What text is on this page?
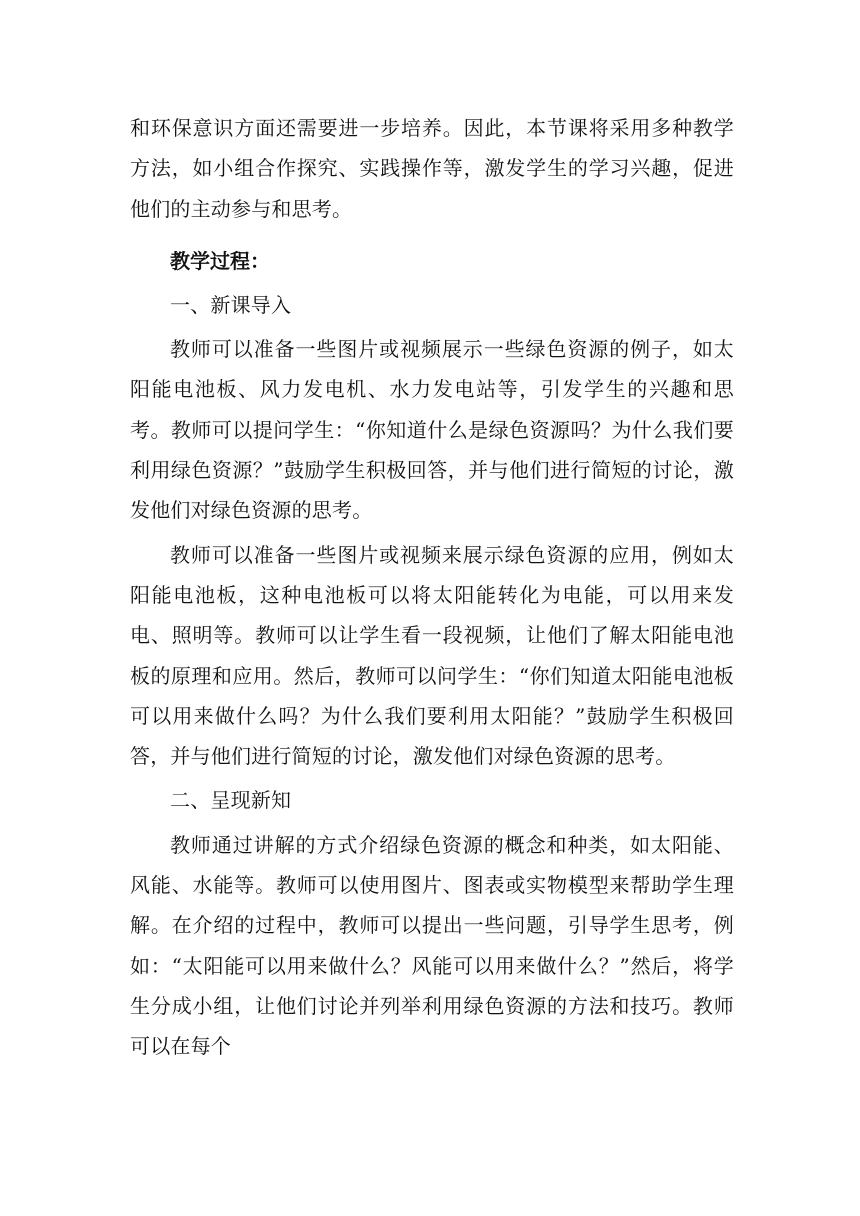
和环保意识方面还需要进一步培养。因此，本节课将采用多种教学方法，如小组合作探究、实践操作等，激发学生的学习兴趣，促进他们的主动参与和思考。

教学过程：

一、新课导入

教师可以准备一些图片或视频展示一些绿色资源的例子，如太阳能电池板、风力发电机、水力发电站等，引发学生的兴趣和思考。教师可以提问学生：“你知道什么是绿色资源吗？为什么我们要利用绿色资源？”鼓励学生积极回答，并与他们进行简短的讨论，激发他们对绿色资源的思考。

教师可以准备一些图片或视频来展示绿色资源的应用，例如太阳能电池板，这种电池板可以将太阳能转化为电能，可以用来发电、照明等。教师可以让学生看一段视频，让他们了解太阳能电池板的原理和应用。然后，教师可以问学生：“你们知道太阳能电池板可以用来做什么吗？为什么我们要利用太阳能？”鼓励学生积极回答，并与他们进行简短的讨论，激发他们对绿色资源的思考。

二、呈现新知

教师通过讲解的方式介绍绿色资源的概念和种类，如太阳能、风能、水能等。教师可以使用图片、图表或实物模型来帮助学生理解。在介绍的过程中，教师可以提出一些问题，引导学生思考，例如：“太阳能可以用来做什么？风能可以用来做什么？”然后，将学生分成小组，让他们讨论并列举利用绿色资源的方法和技巧。教师可以在每个
